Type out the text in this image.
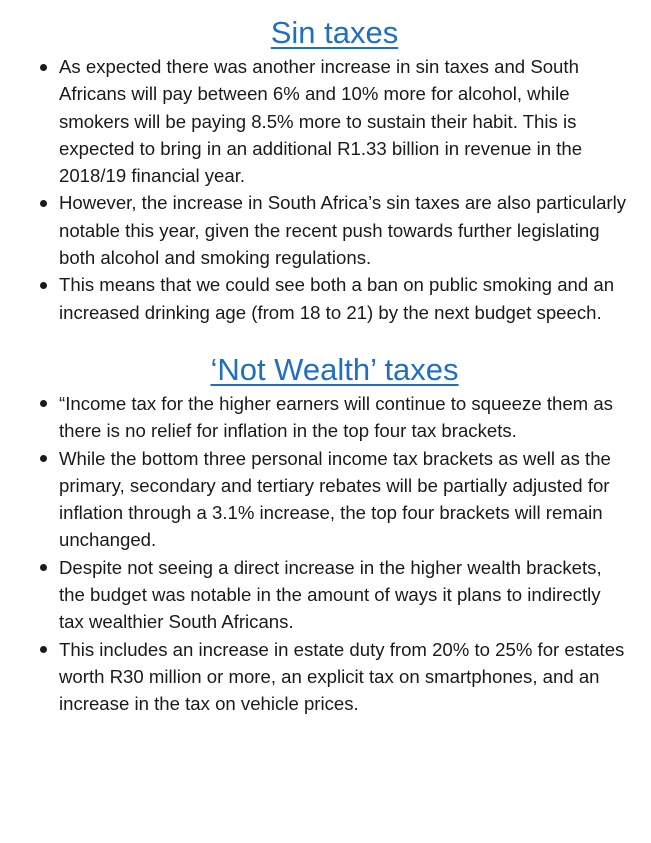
Sin taxes
As expected there was another increase in sin taxes and South Africans will pay between 6% and 10% more for alcohol, while smokers will be paying 8.5% more to sustain their habit. This is expected to bring in an additional R1.33 billion in revenue in the 2018/19 financial year.
However, the increase in South Africa’s sin taxes are also particularly notable this year, given the recent push towards further legislating both alcohol and smoking regulations.
This means that we could see both a ban on public smoking and an increased drinking age (from 18 to 21) by the next budget speech.
‘Not Wealth’ taxes
“Income tax for the higher earners will continue to squeeze them as there is no relief for inflation in the top four tax brackets.
While the bottom three personal income tax brackets as well as the primary, secondary and tertiary rebates will be partially adjusted for inflation through a 3.1% increase, the top four brackets will remain unchanged.
Despite not seeing a direct increase in the higher wealth brackets, the budget was notable in the amount of ways it plans to indirectly tax wealthier South Africans.
This includes an increase in estate duty from 20% to 25% for estates worth R30 million or more, an explicit tax on smartphones, and an increase in the tax on vehicle prices.
